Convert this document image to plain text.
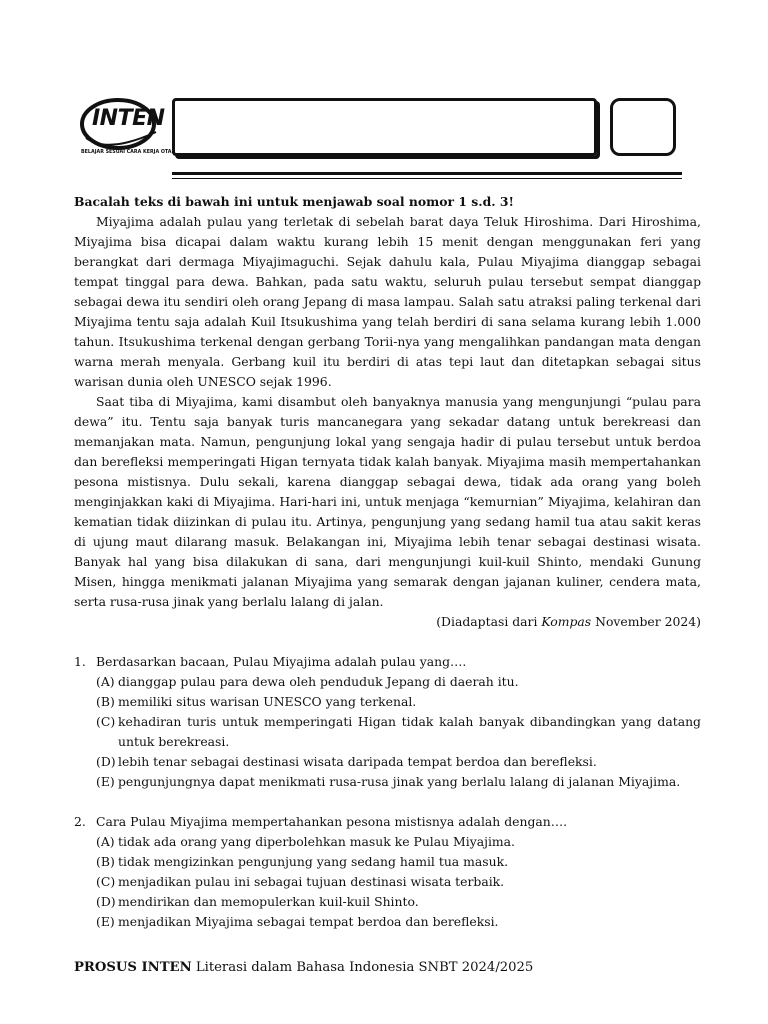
INTEN
BELAJAR SESUAI CARA KERJA OTAK

Bacalah teks di bawah ini untuk menjawab soal nomor 1 s.d. 3!

Miyajima adalah pulau yang terletak di sebelah barat daya Teluk Hiroshima. Dari Hiroshima, Miyajima bisa dicapai dalam waktu kurang lebih 15 menit dengan menggunakan feri yang berangkat dari dermaga Miyajimaguchi. Sejak dahulu kala, Pulau Miyajima dianggap sebagai tempat tinggal para dewa. Bahkan, pada satu waktu, seluruh pulau tersebut sempat dianggap sebagai dewa itu sendiri oleh orang Jepang di masa lampau. Salah satu atraksi paling terkenal dari Miyajima tentu saja adalah Kuil Itsukushima yang telah berdiri di sana selama kurang lebih 1.000 tahun. Itsukushima terkenal dengan gerbang Torii-nya yang mengalihkan pandangan mata dengan warna merah menyala. Gerbang kuil itu berdiri di atas tepi laut dan ditetapkan sebagai situs warisan dunia oleh UNESCO sejak 1996.

Saat tiba di Miyajima, kami disambut oleh banyaknya manusia yang mengunjungi “pulau para dewa” itu. Tentu saja banyak turis mancanegara yang sekadar datang untuk berekreasi dan memanjakan mata. Namun, pengunjung lokal yang sengaja hadir di pulau tersebut untuk berdoa dan berefleksi memperingati Higan ternyata tidak kalah banyak. Miyajima masih mempertahankan pesona mistisnya. Dulu sekali, karena dianggap sebagai dewa, tidak ada orang yang boleh menginjakkan kaki di Miyajima. Hari-hari ini, untuk menjaga “kemurnian” Miyajima, kelahiran dan kematian tidak diizinkan di pulau itu. Artinya, pengunjung yang sedang hamil tua atau sakit keras di ujung maut dilarang masuk. Belakangan ini, Miyajima lebih tenar sebagai destinasi wisata. Banyak hal yang bisa dilakukan di sana, dari mengunjungi kuil-kuil Shinto, mendaki Gunung Misen, hingga menikmati jalanan Miyajima yang semarak dengan jajanan kuliner, cendera mata, serta rusa-rusa jinak yang berlalu lalang di jalan.

(Diadaptasi dari Kompas November 2024)

1. Berdasarkan bacaan, Pulau Miyajima adalah pulau yang….
(A) dianggap pulau para dewa oleh penduduk Jepang di daerah itu.
(B) memiliki situs warisan UNESCO yang terkenal.
(C) kehadiran turis untuk memperingati Higan tidak kalah banyak dibandingkan yang datang untuk berekreasi.
(D) lebih tenar sebagai destinasi wisata daripada tempat berdoa dan berefleksi.
(E) pengunjungnya dapat menikmati rusa-rusa jinak yang berlalu lalang di jalanan Miyajima.
2. Cara Pulau Miyajima mempertahankan pesona mistisnya adalah dengan….
(A) tidak ada orang yang diperbolehkan masuk ke Pulau Miyajima.
(B) tidak mengizinkan pengunjung yang sedang hamil tua masuk.
(C) menjadikan pulau ini sebagai tujuan destinasi wisata terbaik.
(D) mendirikan dan memopulerkan kuil-kuil Shinto.
(E) menjadikan Miyajima sebagai tempat berdoa dan berefleksi.
PROSUS INTEN Literasi dalam Bahasa Indonesia SNBT 2024/2025
